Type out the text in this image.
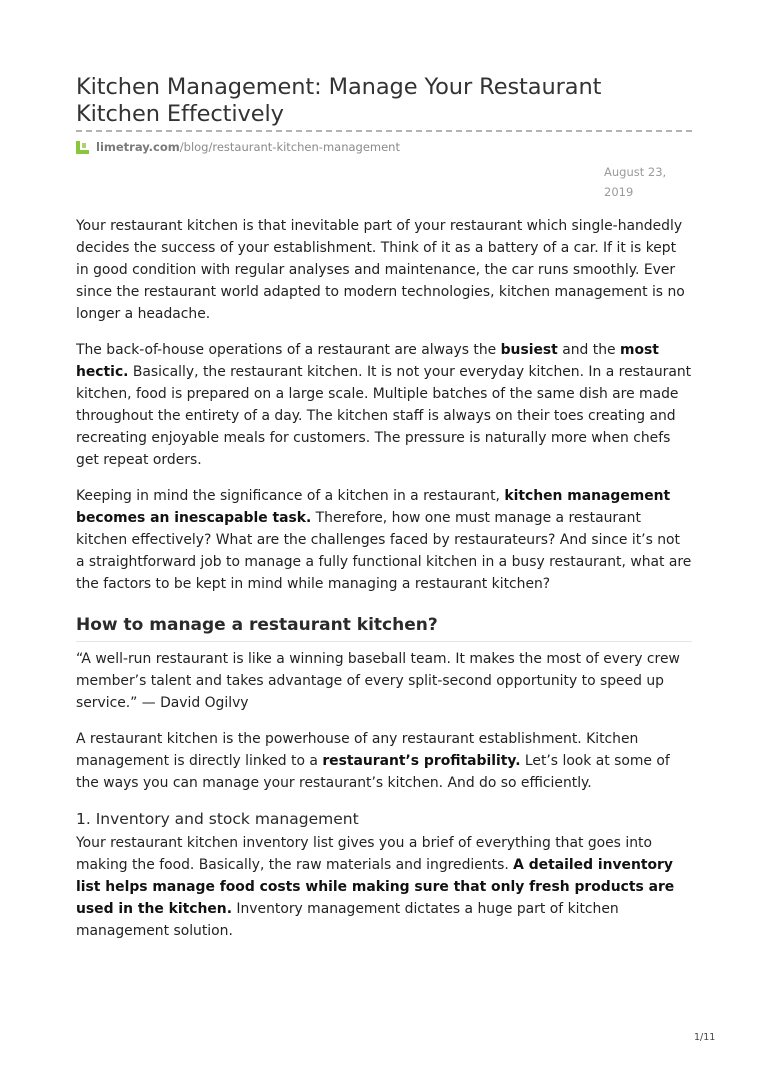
Kitchen Management: Manage Your Restaurant Kitchen Effectively
limetray.com /blog/restaurant-kitchen-management
August 23, 2019

Your restaurant kitchen is that inevitable part of your restaurant which single-handedly decides the success of your establishment. Think of it as a battery of a car. If it is kept in good condition with regular analyses and maintenance, the car runs smoothly. Ever since the restaurant world adapted to modern technologies, kitchen management is no longer a headache.

The back-of-house operations of a restaurant are always the busiest and the most hectic. Basically, the restaurant kitchen. It is not your everyday kitchen. In a restaurant kitchen, food is prepared on a large scale. Multiple batches of the same dish are made throughout the entirety of a day. The kitchen staff is always on their toes creating and recreating enjoyable meals for customers. The pressure is naturally more when chefs get repeat orders.

Keeping in mind the significance of a kitchen in a restaurant, kitchen management becomes an inescapable task. Therefore, how one must manage a restaurant kitchen effectively? What are the challenges faced by restaurateurs? And since it’s not a straightforward job to manage a fully functional kitchen in a busy restaurant, what are the factors to be kept in mind while managing a restaurant kitchen?

How to manage a restaurant kitchen?

“A well-run restaurant is like a winning baseball team. It makes the most of every crew member’s talent and takes advantage of every split-second opportunity to speed up service.” — David Ogilvy

A restaurant kitchen is the powerhouse of any restaurant establishment. Kitchen management is directly linked to a restaurant’s profitability. Let’s look at some of the ways you can manage your restaurant’s kitchen. And do so efficiently.

1. Inventory and stock management

Your restaurant kitchen inventory list gives you a brief of everything that goes into making the food. Basically, the raw materials and ingredients. A detailed inventory list helps manage food costs while making sure that only fresh products are used in the kitchen. Inventory management dictates a huge part of kitchen management solution.

1/11
